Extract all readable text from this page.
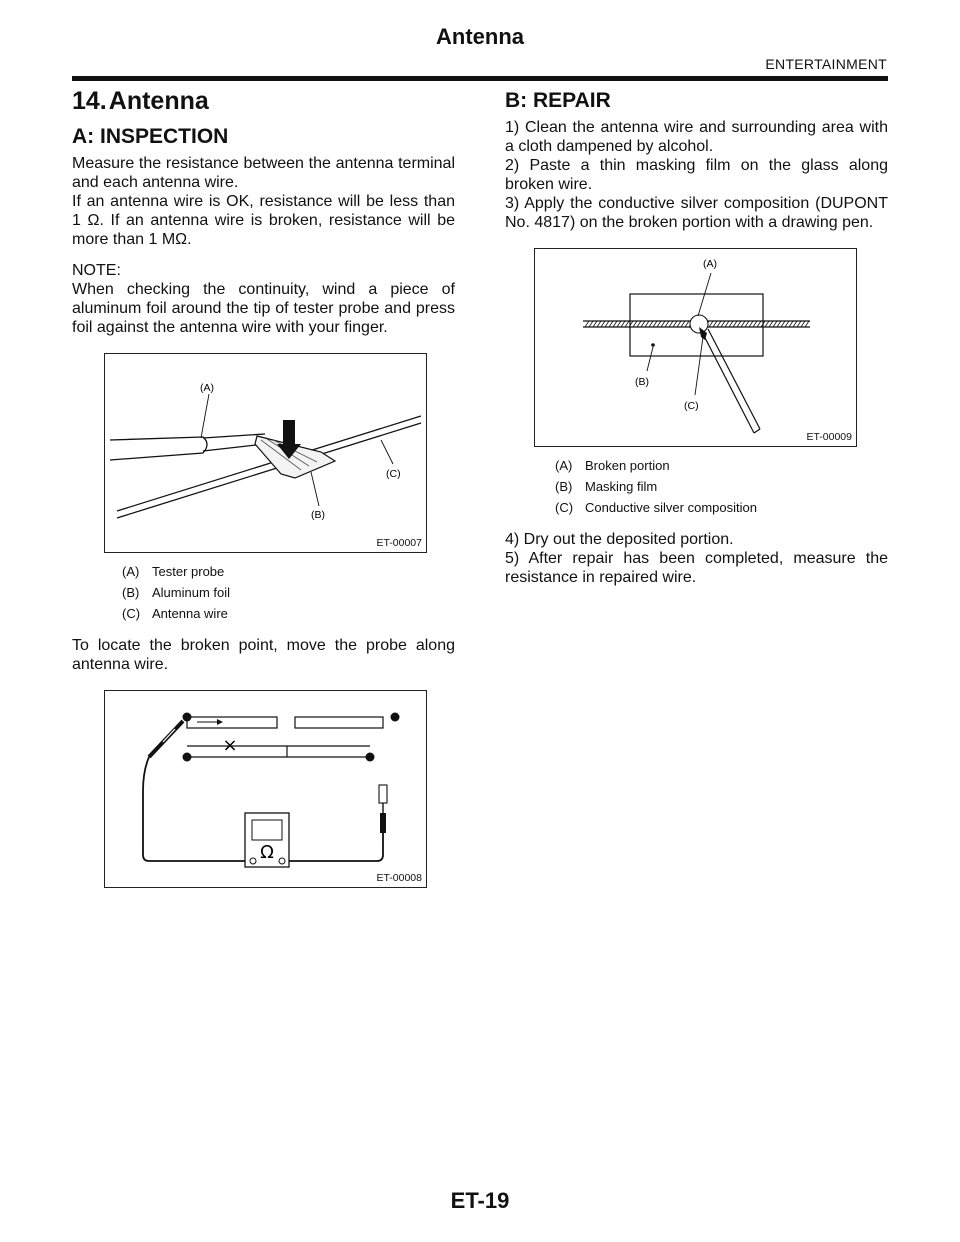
Antenna
ENTERTAINMENT
14.Antenna
A: INSPECTION

Measure the resistance between the antenna terminal and each antenna wire.

If an antenna wire is OK, resistance will be less than 1 Ω. If an antenna wire is broken, resistance will be more than 1 MΩ.

NOTE:

When checking the continuity, wind a piece of aluminum foil around the tip of tester probe and press foil against the antenna wire with your finger.

(A)
(B)
(C)
ET-00007
(A) Tester probe
(B) Aluminum foil
(C) Antenna wire

To locate the broken point, move the probe along antenna wire.

×
Ω
ET-00008
B: REPAIR

1) Clean the antenna wire and surrounding area with a cloth dampened by alcohol.

2) Paste a thin masking film on the glass along broken wire.

3) Apply the conductive silver composition (DUPONT No. 4817) on the broken portion with a drawing pen.

(A)
(B)
(C)
ET-00009
(A) Broken portion
(B) Masking film
(C) Conductive silver composition

4) Dry out the deposited portion.

5) After repair has been completed, measure the resistance in repaired wire.

ET-19
